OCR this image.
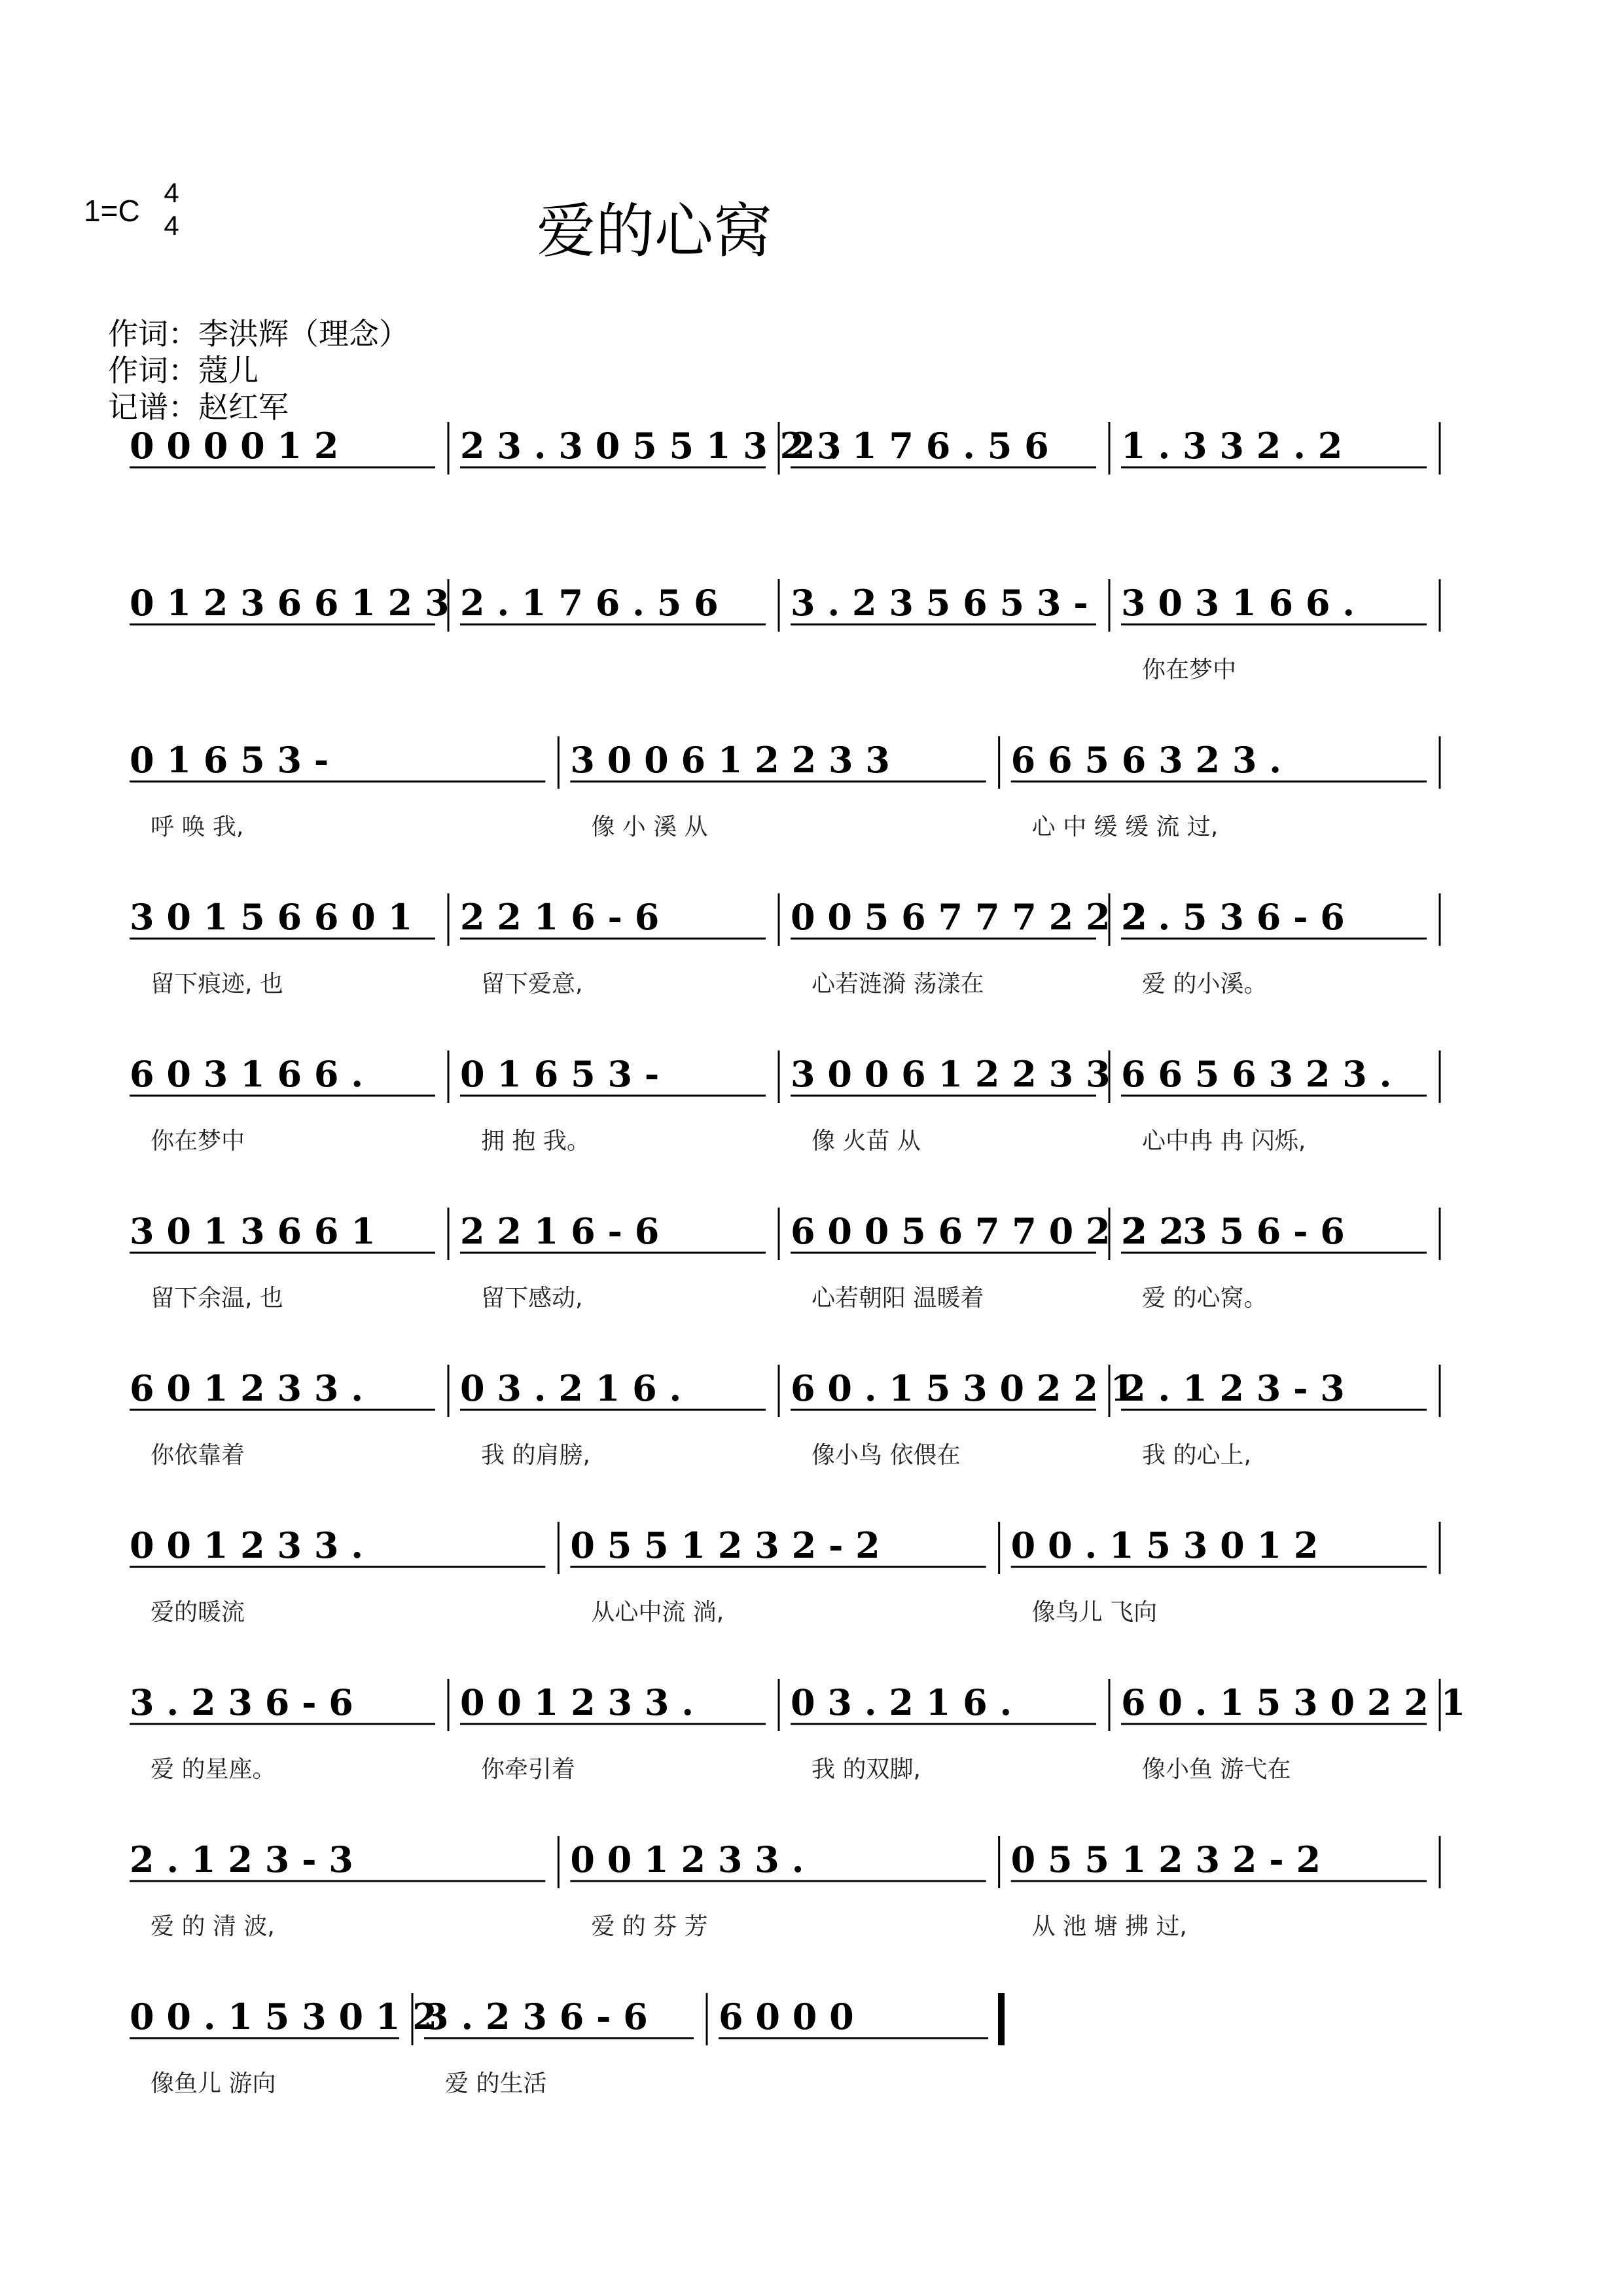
1=C
4
4	爱的心窝
作词：李洪辉（理念）
作词：蔻儿
记谱：赵红军
0 0 0 0 1 2	2 3 . 3 0 5 5 1 3 2 3
2 . 1 7 6 . 5 6 1 . 3 3 2 . 2
0 1 2 3 6 6 1 2 3 2 . 1 7 6 . 5 6 3 . 2 3 5 6 5 3 - 3 0 3 1 6 6 .
你在梦中
0 1 6 5 3 -	3 0 0 6 1 2 2 3 3	6 6 5 6 3 2 3 .
呼 唤 我,	像 小 溪 从	心 中 缓 缓 流 过,
3 0 1 5 6 6 0 1 2 2 1 6 - 6	0 0 5 6 7 7 7 2 2 2
2 . 5 3 6 - 6
留下痕迹, 也	留下爱意,	心若涟漪 荡漾在	爱 的小溪。
6 0 3 1 6 6 .	0 1 6 5 3 -	3 0 0 6 1 2 2 3 3 6 6 5 6 3 2 3 .
你在梦中	拥 抱 我。	像 火苗 从	心中冉 冉 闪烁,
3 0 1 3 6 6 1 2 2 1 6 - 6	6 0 0 5 6 7 7 0 2 2 2
2 . 3 5 6 - 6
留下余温, 也	留下感动,	心若朝阳 温暖着	爱 的心窝。
6 0 1 2 3 3 .	0 3 . 2 1 6 .	6 0 . 1 5 3 0 2 2 1
2 . 1 2 3 - 3
你依靠着	我 的肩膀,	像小鸟 依偎在	我 的心上,
0 0 1 2 3 3 .	0 5 5 1 2 3 2 - 2	0 0 . 1 5 3 0 1 2
爱的暖流	从心中流 淌,	像鸟儿 飞向
3 . 2 3 6 - 6	0 0 1 2 3 3 .	0 3 . 2 1 6 .	6 0 . 1 5 3 0 2 2 1
爱 的星座。	你牵引着	我 的双脚,	像小鱼 游弋在
2 . 1 2 3 - 3	0 0 1 2 3 3 .	0 5 5 1 2 3 2 - 2
爱 的 清 波,	爱 的 芬 芳	从 池 塘 拂 过,
0 0 . 1 5 3 0 1 2
3 . 2 3 6 - 6 6 0 0 0
像鱼儿 游向	爱 的生活
